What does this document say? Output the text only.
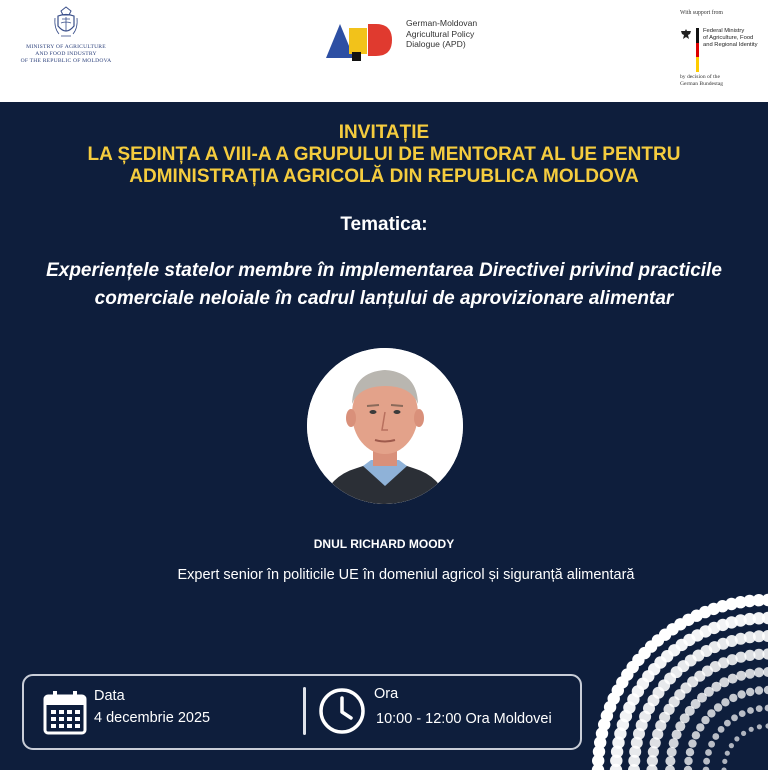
MINISTRY OF AGRICULTURE
AND FOOD INDUSTRY
OF THE REPUBLIC OF MOLDOVA
German-Moldovan
Agricultural Policy
Dialogue (APD)
With support from
Federal Ministry
of Agriculture, Food
and Regional Identity
by decision of the
German Bundestag
INVITAȚIE
LA ȘEDINȚA A VIII-A A GRUPULUI DE MENTORAT AL UE PENTRU
ADMINISTRAȚIA AGRICOLĂ DIN REPUBLICA MOLDOVA
Tematica:
Experiențele statelor membre în implementarea Directivei privind practicile
comerciale neloiale în cadrul lanțului de aprovizionare alimentar
DNUL RICHARD MOODY
Expert senior în politicile UE în domeniul agricol și siguranță alimentară
Data
4 decembrie 2025
Ora
10:00 - 12:00 Ora Moldovei
